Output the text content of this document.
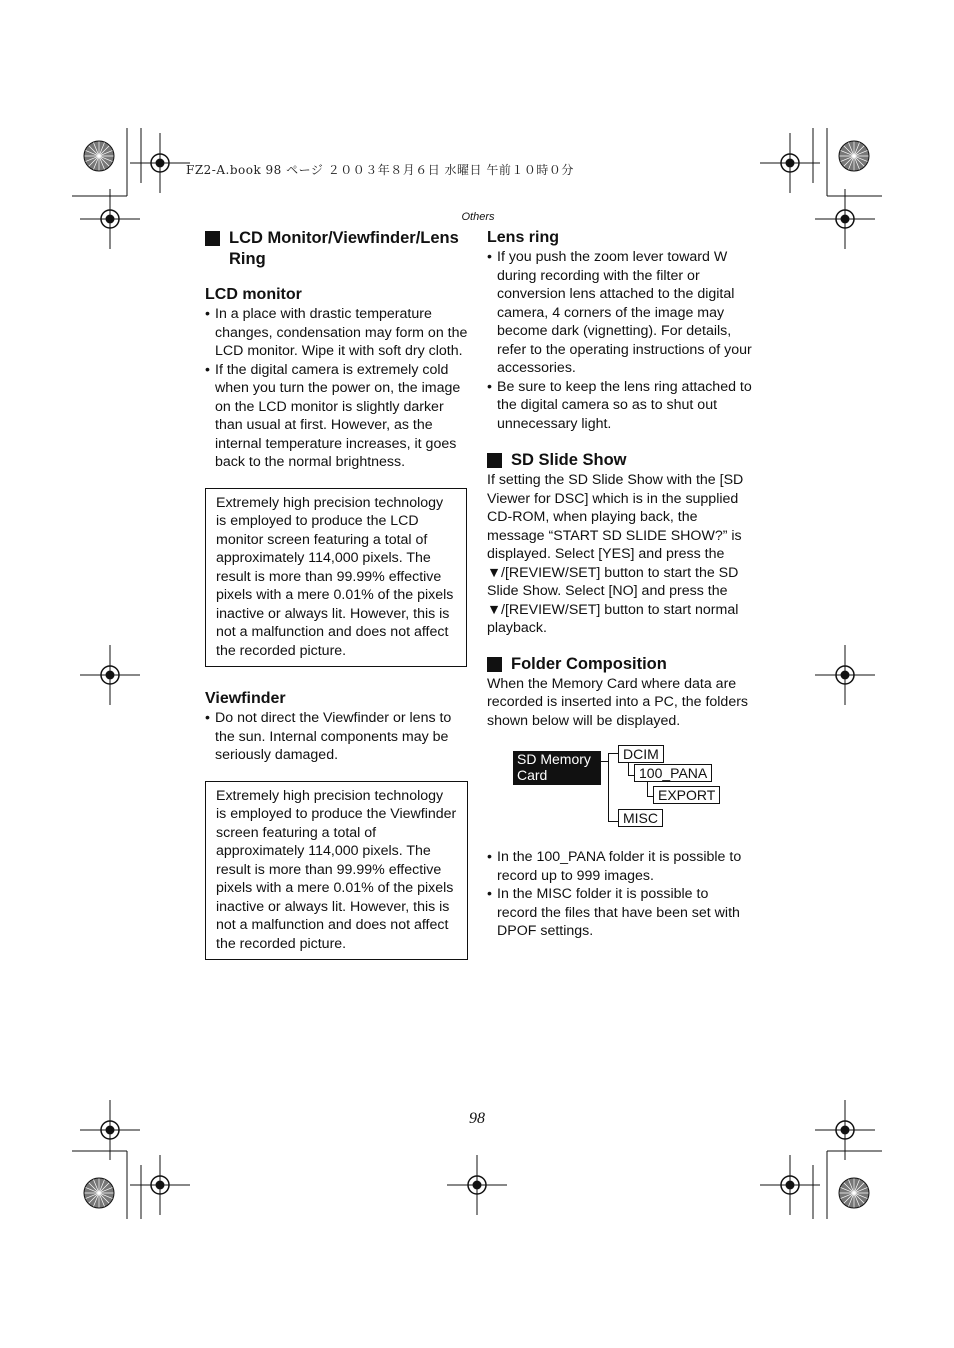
FZ2-A.book 98 ページ ２００３年８月６日 水曜日 午前１０時０分
Others
LCD Monitor/Viewfinder/Lens Ring
LCD monitor
• In a place with drastic temperature changes, condensation may form on the LCD monitor. Wipe it with soft dry cloth.
• If the digital camera is extremely cold when you turn the power on, the image on the LCD monitor is slightly darker than usual at first. However, as the internal temperature increases, it goes back to the normal brightness.
Extremely high precision technology is employed to produce the LCD monitor screen featuring a total of approximately 114,000 pixels. The result is more than 99.99% effective pixels with a mere 0.01% of the pixels inactive or always lit. However, this is not a malfunction and does not affect the recorded picture.
Viewfinder
• Do not direct the Viewfinder or lens to the sun. Internal components may be seriously damaged.
Extremely high precision technology is employed to produce the Viewfinder screen featuring a total of approximately 114,000 pixels. The result is more than 99.99% effective pixels with a mere 0.01% of the pixels inactive or always lit. However, this is not a malfunction and does not affect the recorded picture.
Lens ring
• If you push the zoom lever toward W during recording with the filter or conversion lens attached to the digital camera, 4 corners of the image may become dark (vignetting). For details, refer to the operating instructions of your accessories.
• Be sure to keep the lens ring attached to the digital camera so as to shut out unnecessary light.
SD Slide Show

If setting the SD Slide Show with the [SD Viewer for DSC] which is in the supplied CD-ROM, when playing back, the message “START SD SLIDE SHOW?” is displayed. Select [YES] and press the ▼/[REVIEW/SET] button to start the SD Slide Show. Select [NO] and press the ▼/[REVIEW/SET] button to start normal playback.

Folder Composition

When the Memory Card where data are recorded is inserted into a PC, the folders shown below will be displayed.

SD Memory
Card
DCIM
100_PANA
EXPORT
MISC
• In the 100_PANA folder it is possible to record up to 999 images.
• In the MISC folder it is possible to record the files that have been set with DPOF settings.
98
